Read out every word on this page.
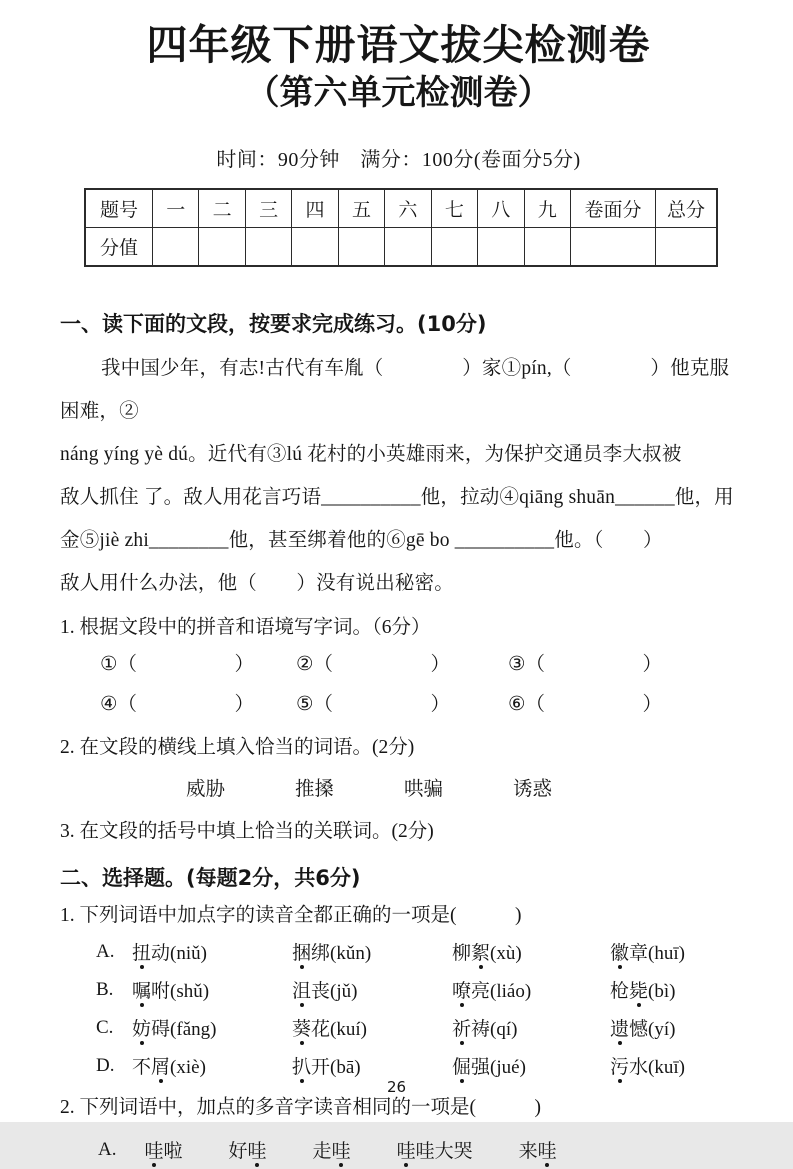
四年级下册语文拔尖检测卷
（第六单元检测卷）
时间：90分钟　满分：100分(卷面分5分)
题号	一	二	三	四	五	六	七	八	九	卷面分	总分
分值											
一、读下面的文段，按要求完成练习。(10分)
我中国少年，有志!古代有车胤（　　　　）家①pín,（　　　　）他克服困难，②
náng yíng yè dú。近代有③lú 花村的小英雄雨来，为保护交通员李大叔被
敌人抓住 了。敌人用花言巧语__________他，拉动④qiāng shuān______他，用
金⑤jiè zhi________他，甚至绑着他的⑥gē bo __________他。（　　）
敌人用什么办法，他（　　）没有说出秘密。
1. 根据文段中的拼音和语境写字词。（6分）
①（　　　　　）	②（　　　　　）	③（　　　　　）
④（　　　　　）	⑤（　　　　　）	⑥（　　　　　）
2. 在文段的横线上填入恰当的词语。(2分)
威胁	推搡	哄骗	诱惑
3. 在文段的括号中填上恰当的关联词。(2分)
二、选择题。(每题2分，共6分)
1. 下列词语中加点字的读音全都正确的一项是(　　　)
A. 扭动(niǔ)	捆绑(kǔn)	柳絮(xù)	徽章(huī)
B. 嘱咐(shǔ)	沮丧(jǔ)	嘹亮(liáo)	枪毙(bì)
C. 妨碍(fǎng)	葵花(kuí)	祈祷(qí)	遗憾(yí)
D. 不屑(xiè)	扒开(bā)	倔强(jué)	污水(kuī)
2. 下列词语中，加点的多音字读音相同的一项是(　　　)
A. 哇啦 好哇 走哇 哇哇大哭 来哇
26
